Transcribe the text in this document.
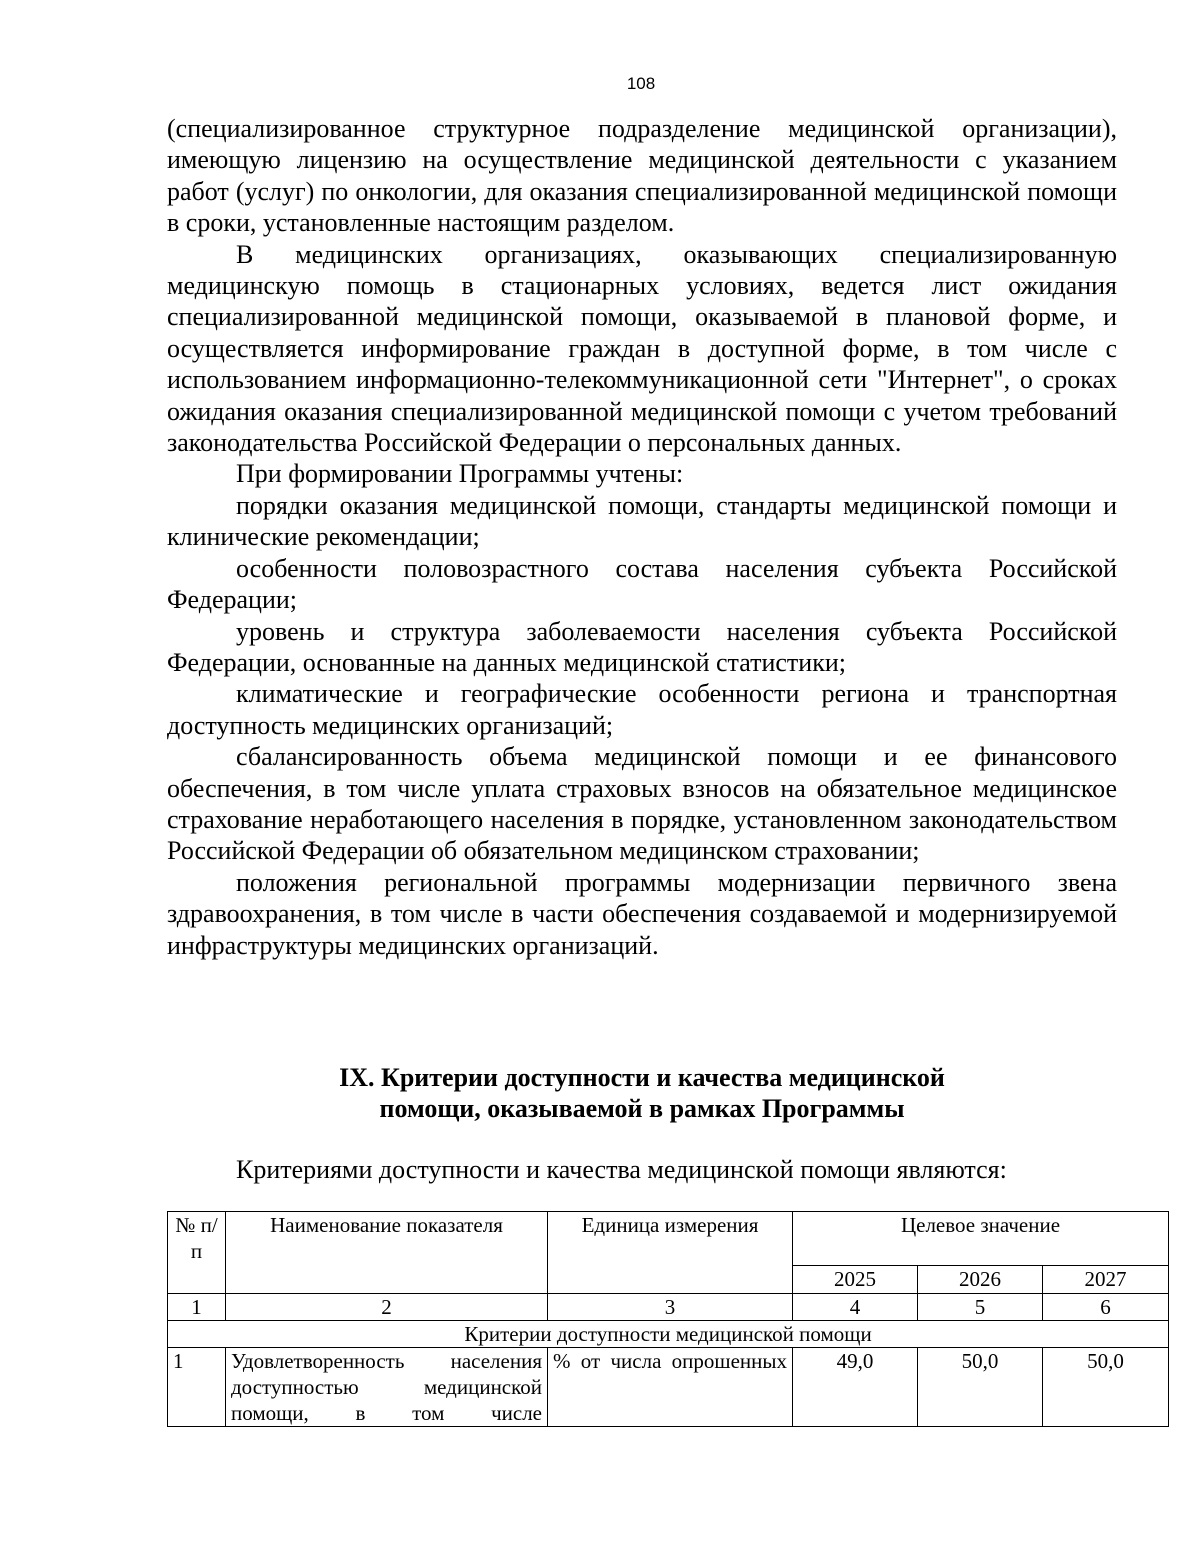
108

(специализированное структурное подразделение медицинской организации), имеющую лицензию на осуществление медицинской деятельности с указанием работ (услуг) по онкологии, для оказания специализированной медицинской помощи в сроки, установленные настоящим разделом.

В медицинских организациях, оказывающих специализированную медицинскую помощь в стационарных условиях, ведется лист ожидания специализированной медицинской помощи, оказываемой в плановой форме, и осуществляется информирование граждан в доступной форме, в том числе с использованием информационно-телекоммуникационной сети "Интернет", о сроках ожидания оказания специализированной медицинской помощи с учетом требований законодательства Российской Федерации о персональных данных.

При формировании Программы учтены:

порядки оказания медицинской помощи, стандарты медицинской помощи и клинические рекомендации;

особенности половозрастного состава населения субъекта Российской Федерации;

уровень и структура заболеваемости населения субъекта Российской Федерации, основанные на данных медицинской статистики;

климатические и географические особенности региона и транспортная доступность медицинских организаций;

сбалансированность объема медицинской помощи и ее финансового обеспечения, в том числе уплата страховых взносов на обязательное медицинское страхование неработающего населения в порядке, установленном законодательством Российской Федерации об обязательном медицинском страховании;

положения региональной программы модернизации первичного звена здравоохранения, в том числе в части обеспечения создаваемой и модернизируемой инфраструктуры медицинских организаций.

IX. Критерии доступности и качества медицинской
помощи, оказываемой в рамках Программы

Критериями доступности и качества медицинской помощи являются:

№ п/п	Наименование показателя	Единица измерения	Целевое значение		
			2025	2026	2027
1	2	3	4	5	6
Критерии доступности медицинской помощи					
1	Удовлетворенность населения доступностью медицинской помощи, в том числе	% от числа опрошенных	49,0	50,0	50,0
